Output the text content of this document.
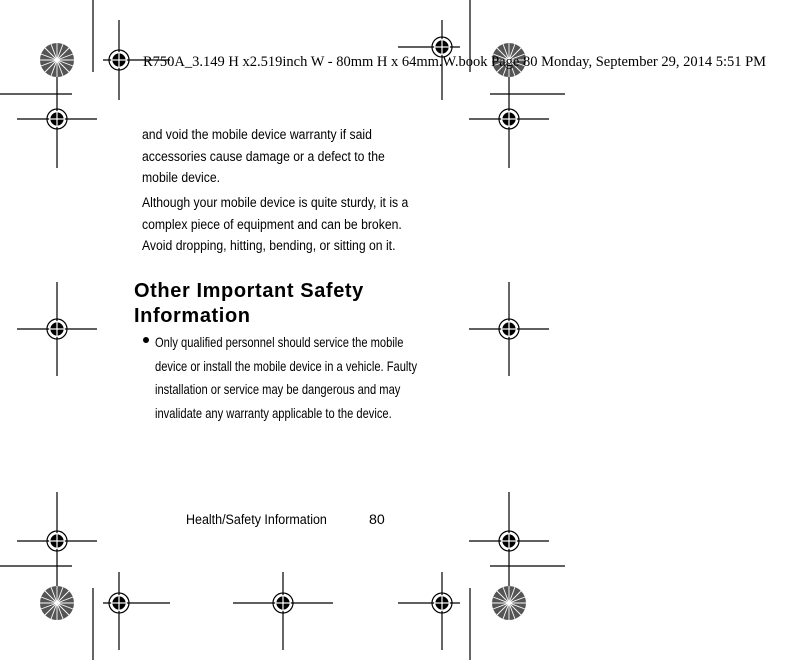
R750A_3.149 H x2.519inch W - 80mm H x 64mm.W.book Page 80 Monday, September 29, 2014 5:51 PM
and void the mobile device warranty if said accessories cause damage or a defect to the mobile device.
Although your mobile device is quite sturdy, it is a complex piece of equipment and can be broken. Avoid dropping, hitting, bending, or sitting on it.
Other Important Safety Information
Only qualified personnel should service the mobile device or install the mobile device in a vehicle. Faulty installation or service may be dangerous and may invalidate any warranty applicable to the device.
Health/Safety Information	80
